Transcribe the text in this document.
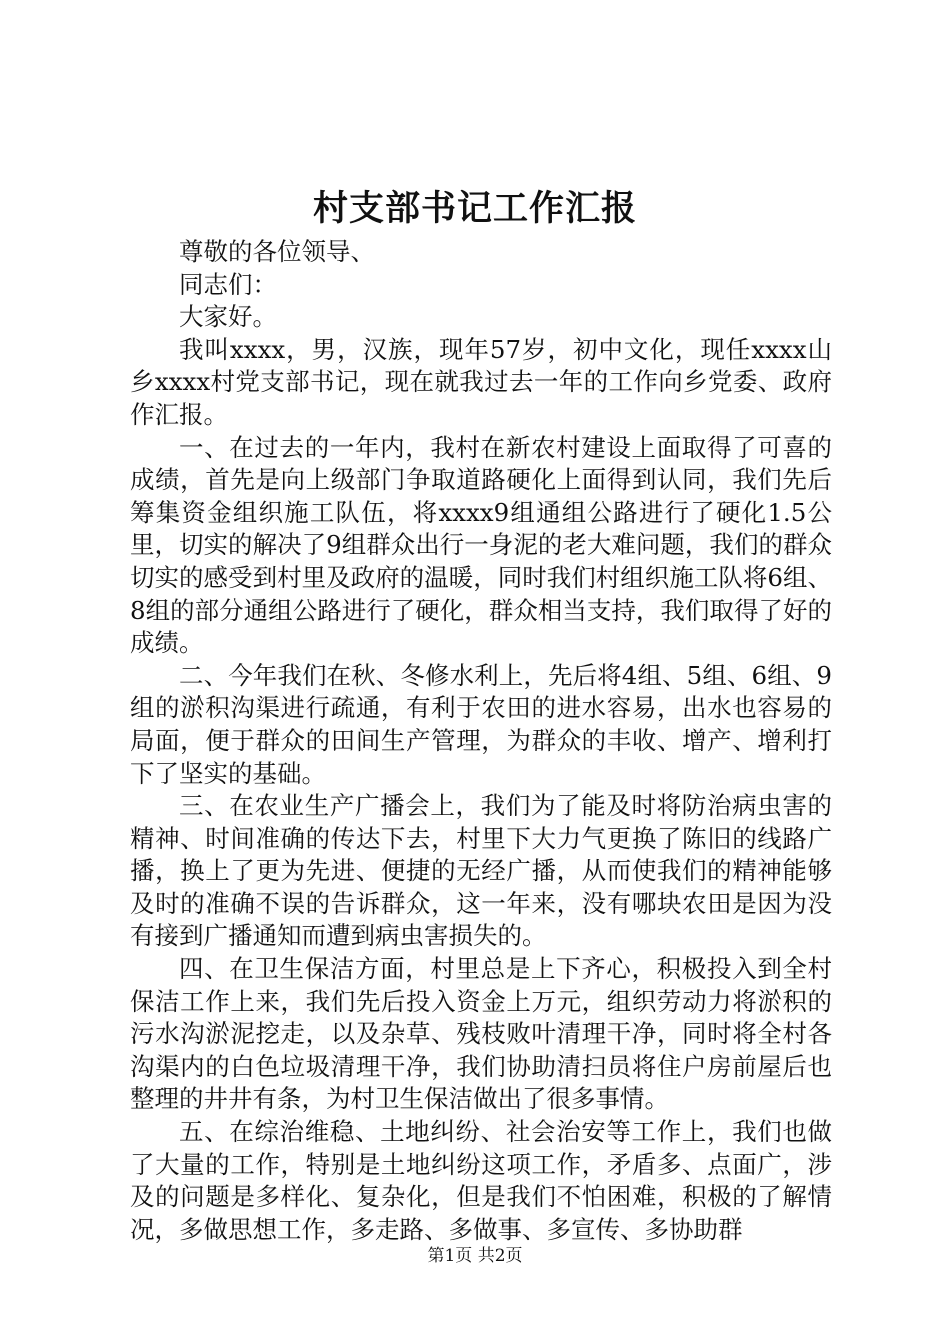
村支部书记工作汇报

尊敬的各位领导、

同志们：

大家好。

我叫xxxx，男，汉族，现年57岁，初中文化，现任xxxx山乡xxxx村党支部书记，现在就我过去一年的工作向乡党委、政府作汇报。

一、在过去的一年内，我村在新农村建设上面取得了可喜的成绩，首先是向上级部门争取道路硬化上面得到认同，我们先后筹集资金组织施工队伍，将xxxx9组通组公路进行了硬化1.5公里，切实的解决了9组群众出行一身泥的老大难问题，我们的群众切实的感受到村里及政府的温暖，同时我们村组织施工队将6组、8组的部分通组公路进行了硬化，群众相当支持，我们取得了好的成绩。

二、今年我们在秋、冬修水利上，先后将4组、5组、6组、9组的淤积沟渠进行疏通，有利于农田的进水容易，出水也容易的局面，便于群众的田间生产管理，为群众的丰收、增产、增利打下了坚实的基础。

三、在农业生产广播会上，我们为了能及时将防治病虫害的精神、时间准确的传达下去，村里下大力气更换了陈旧的线路广播，换上了更为先进、便捷的无经广播，从而使我们的精神能够及时的准确不误的告诉群众，这一年来，没有哪块农田是因为没有接到广播通知而遭到病虫害损失的。

四、在卫生保洁方面，村里总是上下齐心，积极投入到全村保洁工作上来，我们先后投入资金上万元，组织劳动力将淤积的污水沟淤泥挖走，以及杂草、残枝败叶清理干净，同时将全村各沟渠内的白色垃圾清理干净，我们协助清扫员将住户房前屋后也整理的井井有条，为村卫生保洁做出了很多事情。

五、在综治维稳、土地纠纷、社会治安等工作上，我们也做了大量的工作，特别是土地纠纷这项工作，矛盾多、点面广，涉及的问题是多样化、复杂化，但是我们不怕困难，积极的了解情况，多做思想工作，多走路、多做事、多宣传、多协助群

第1页 共2页
